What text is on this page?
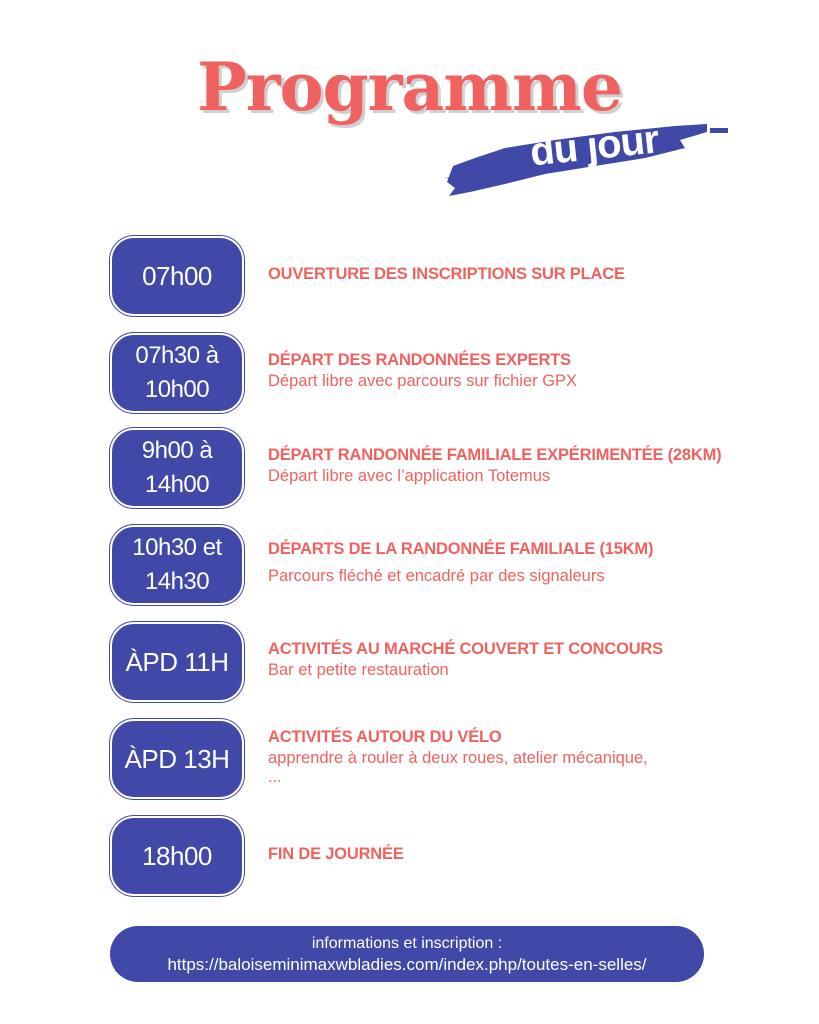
Programme
du jour
07h00	OUVERTURE DES INSCRIPTIONS SUR PLACE
07h30 à
10h00
DÉPART DES RANDONNÉES EXPERTS
Départ libre avec parcours sur fichier GPX
9h00 à
14h00
DÉPART RANDONNÉE FAMILIALE EXPÉRIMENTÉE (28KM)
Départ libre avec l’application Totemus
10h30 et
14h30
DÉPARTS DE LA RANDONNÉE FAMILIALE (15KM)
Parcours fléché et encadré par des signaleurs
ÀPD 11H ACTIVITÉS AU MARCHÉ COUVERT ET CONCOURS
Bar et petite restauration
ÀPD 13H
ACTIVITÉS AUTOUR DU VÉLO
apprendre à rouler à deux roues, atelier mécanique, ...
18h00	FIN DE JOURNÉE
informations et inscription :
https://baloiseminimaxwbladies.com/index.php/toutes-en-selles/
